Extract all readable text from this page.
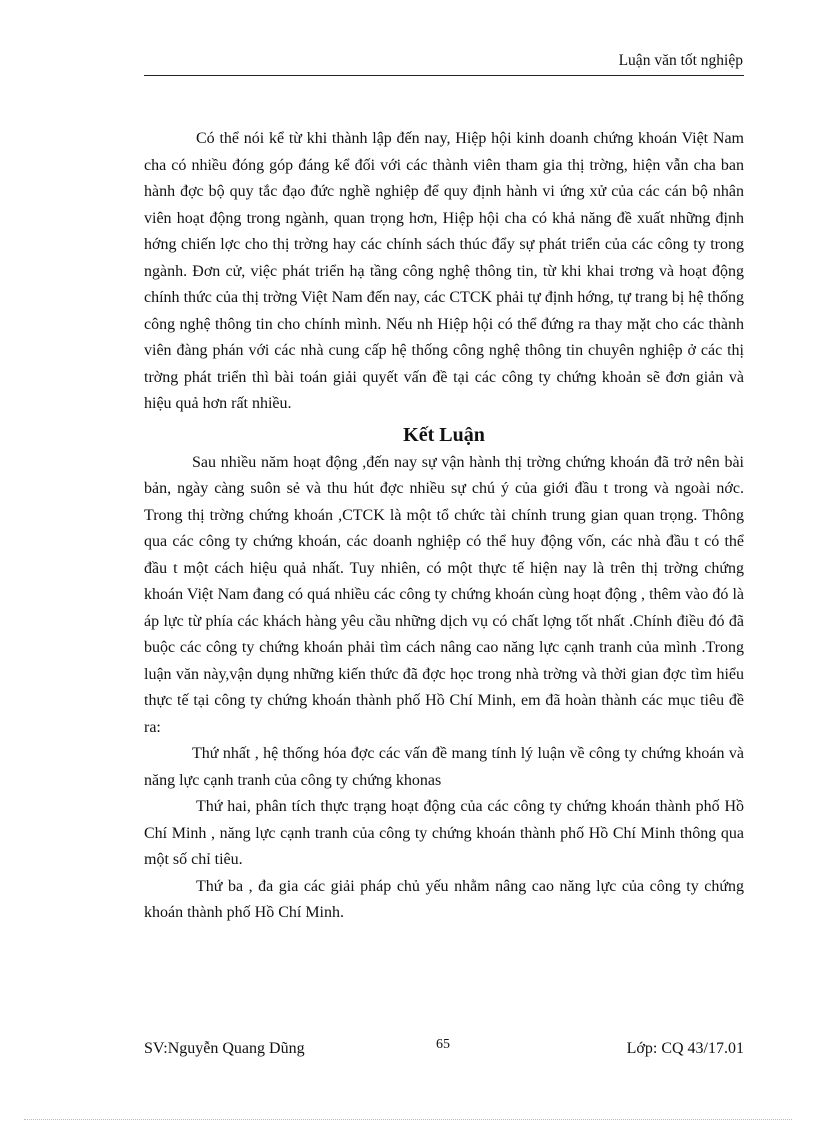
Luận văn tốt nghiệp

Có thể nói kể từ khi thành lập đến nay, Hiệp hội kinh doanh chứng khoán Việt Nam cha có nhiều đóng góp đáng kể đối với các thành viên tham gia thị trờng, hiện vẫn cha ban hành đợc bộ quy tắc đạo đức nghề nghiệp để quy định hành vi ứng xử của các cán bộ nhân viên hoạt động trong ngành, quan trọng hơn, Hiệp hội cha có khả năng đề xuất những định hớng chiến lợc cho thị trờng hay các chính sách thúc đẩy sự phát triển của các công ty trong ngành. Đơn cử, việc phát triển hạ tầng công nghệ thông tin, từ khi khai trơng và hoạt động chính thức của thị trờng Việt Nam đến nay, các CTCK phải tự định hớng, tự trang bị hệ thống công nghệ thông tin cho chính mình. Nếu nh Hiệp hội có thể đứng ra thay mặt cho các thành viên đàng phán với các nhà cung cấp hệ thống công nghệ thông tin chuyên nghiệp ở các thị trờng phát triển thì bài toán giải quyết vấn đề tại các công ty chứng khoản sẽ đơn giản và hiệu quả hơn rất nhiều.

Kết Luận

Sau nhiều năm hoạt động ,đến nay sự vận hành thị trờng chứng khoán đã trở nên bài bản, ngày càng suôn sẻ và thu hút đợc nhiều sự chú ý của giới đầu t trong và ngoài nớc. Trong thị trờng chứng khoán ,CTCK là một tổ chức tài chính trung gian quan trọng. Thông qua các công ty chứng khoán, các doanh nghiệp có thể huy động vốn, các nhà đầu t có thể đầu t một cách hiệu quả nhất. Tuy nhiên, có một thực tế hiện nay là trên thị trờng chứng khoán Việt Nam đang có quá nhiều các công ty chứng khoán cùng hoạt động , thêm vào đó là áp lực từ phía các khách hàng yêu cầu những dịch vụ có chất lợng tốt nhất .Chính điều đó đã buộc các công ty chứng khoán phải tìm cách nâng cao năng lực cạnh tranh của mình .Trong luận văn này,vận dụng những kiến thức đã đợc học trong nhà trờng và thời gian đợc tìm hiểu thực tế tại công ty chứng khoán thành phố Hồ Chí Minh, em đã hoàn thành các mục tiêu đề ra:

Thứ nhất , hệ thống hóa đợc các vấn đề mang tính lý luận về công ty chứng khoán và năng lực cạnh tranh của công ty chứng khonas

Thứ hai, phân tích thực trạng hoạt động của các công ty chứng khoán thành phố Hồ Chí Minh , năng lực cạnh tranh của công ty chứng khoán thành phố Hồ Chí Minh thông qua một số chỉ tiêu.

Thứ ba , đa gia các giải pháp chủ yếu nhằm nâng cao năng lực của công ty chứng khoán thành phố Hồ Chí Minh.

SV:Nguyễn Quang Dũng	65	Lớp: CQ 43/17.01
